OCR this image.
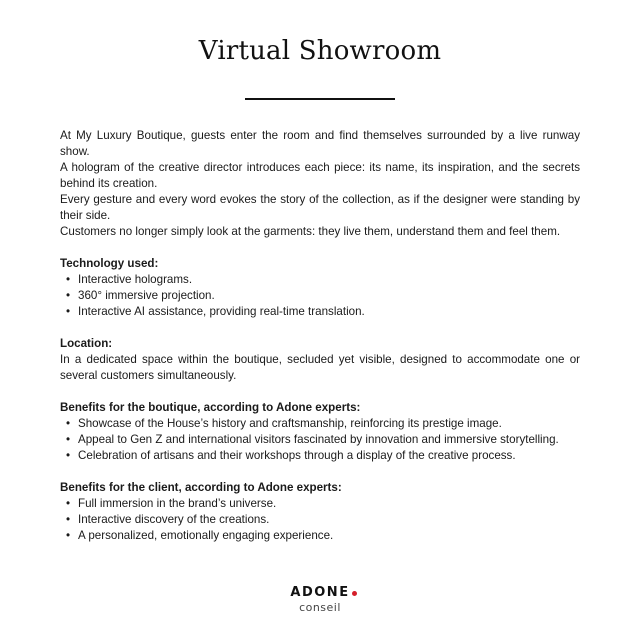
Virtual Showroom

At My Luxury Boutique, guests enter the room and find themselves surrounded by a live runway show.

A hologram of the creative director introduces each piece: its name, its inspiration, and the secrets behind its creation.

Every gesture and every word evokes the story of the collection, as if the designer were standing by their side.

Customers no longer simply look at the garments: they live them, understand them and feel them.

Technology used:
• Interactive holograms.
• 360° immersive projection.
• Interactive AI assistance, providing real-time translation.
Location:

In a dedicated space within the boutique, secluded yet visible, designed to accommodate one or several customers simultaneously.

Benefits for the boutique, according to Adone experts:
• Showcase of the House’s history and craftsmanship, reinforcing its prestige image.
• Appeal to Gen Z and international visitors fascinated by innovation and immersive storytelling.
• Celebration of artisans and their workshops through a display of the creative process.
Benefits for the client, according to Adone experts:
• Full immersion in the brand’s universe.
• Interactive discovery of the creations.
• A personalized, emotionally engaging experience.
ADONE
conseil
